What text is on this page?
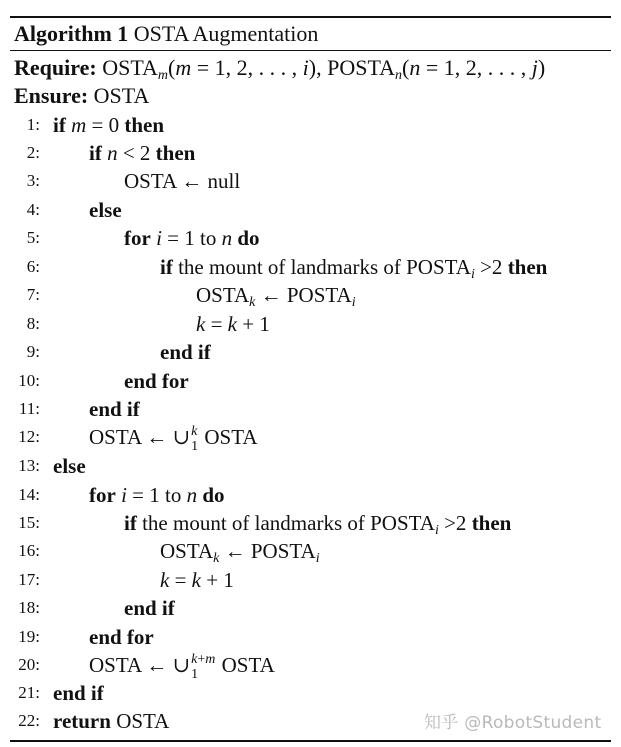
Algorithm 1 OSTA Augmentation
Require: $OSTA_m(m = 1$, 2, . . . , i), $POSTA_n(n = 1$, 2, . . . , j)
Ensure: OSTA
1: if m = 0 then
2: if n < 2 then
3:	OSTA ← null
4: else
5:	for i = 1 to n do
6:	if the mount of landmarks of $POSTA_i >2$ then
7:	$OSTA_k$ ← $POSTA_i$
8:	k = k + 1
9:	end if
10:	end for
11: end if
12: OSTA ← ∪ k
1 OSTA
13: else
14: for i = 1 to n do
15:	if the mount of landmarks of $POSTA_i >2$ then
16:	$OSTA_k$ ← $POSTA_i$
17:	k = k + 1
18:	end if
19: end for
20: OSTA ← ∪ k+m
1 OSTA
21: end if
22: return OSTA	知乎 @RobotStudent
